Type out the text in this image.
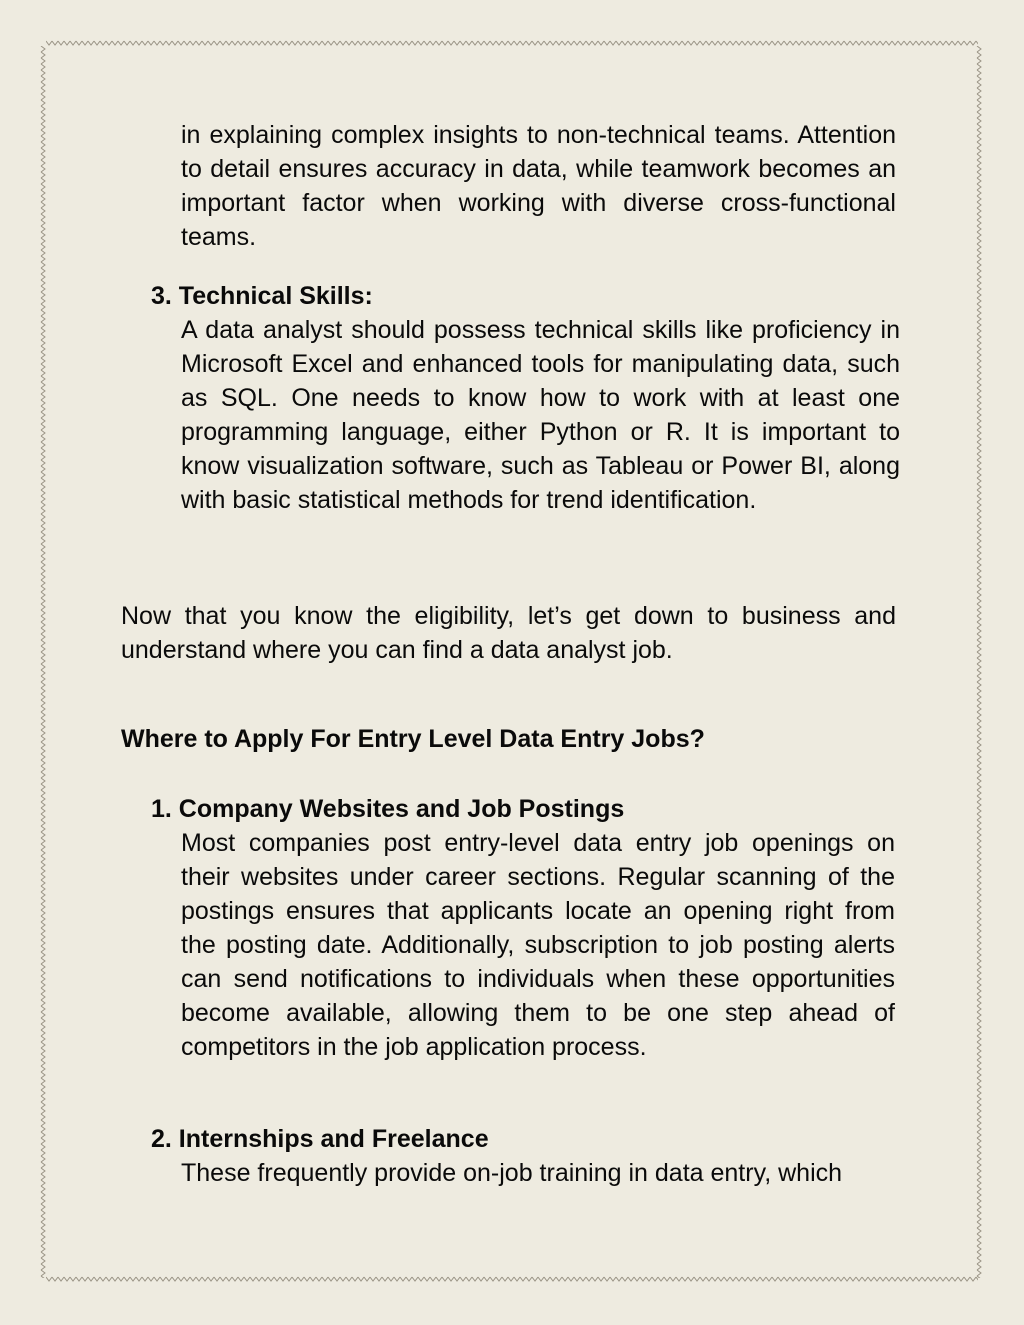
in explaining complex insights to non-technical teams. Attention to detail ensures accuracy in data, while teamwork becomes an important factor when working with diverse cross-functional teams.

3. Technical Skills:

A data analyst should possess technical skills like proficiency in Microsoft Excel and enhanced tools for manipulating data, such as SQL. One needs to know how to work with at least one programming language, either Python or R. It is important to know visualization software, such as Tableau or Power BI, along with basic statistical methods for trend identification.

Now that you know the eligibility, let’s get down to business and understand where you can find a data analyst job.

Where to Apply For Entry Level Data Entry Jobs?

1. Company Websites and Job Postings

Most companies post entry-level data entry job openings on their websites under career sections. Regular scanning of the postings ensures that applicants locate an opening right from the posting date. Additionally, subscription to job posting alerts can send notifications to individuals when these opportunities become available, allowing them to be one step ahead of competitors in the job application process.

2. Internships and Freelance

These frequently provide on-job training in data entry, which
